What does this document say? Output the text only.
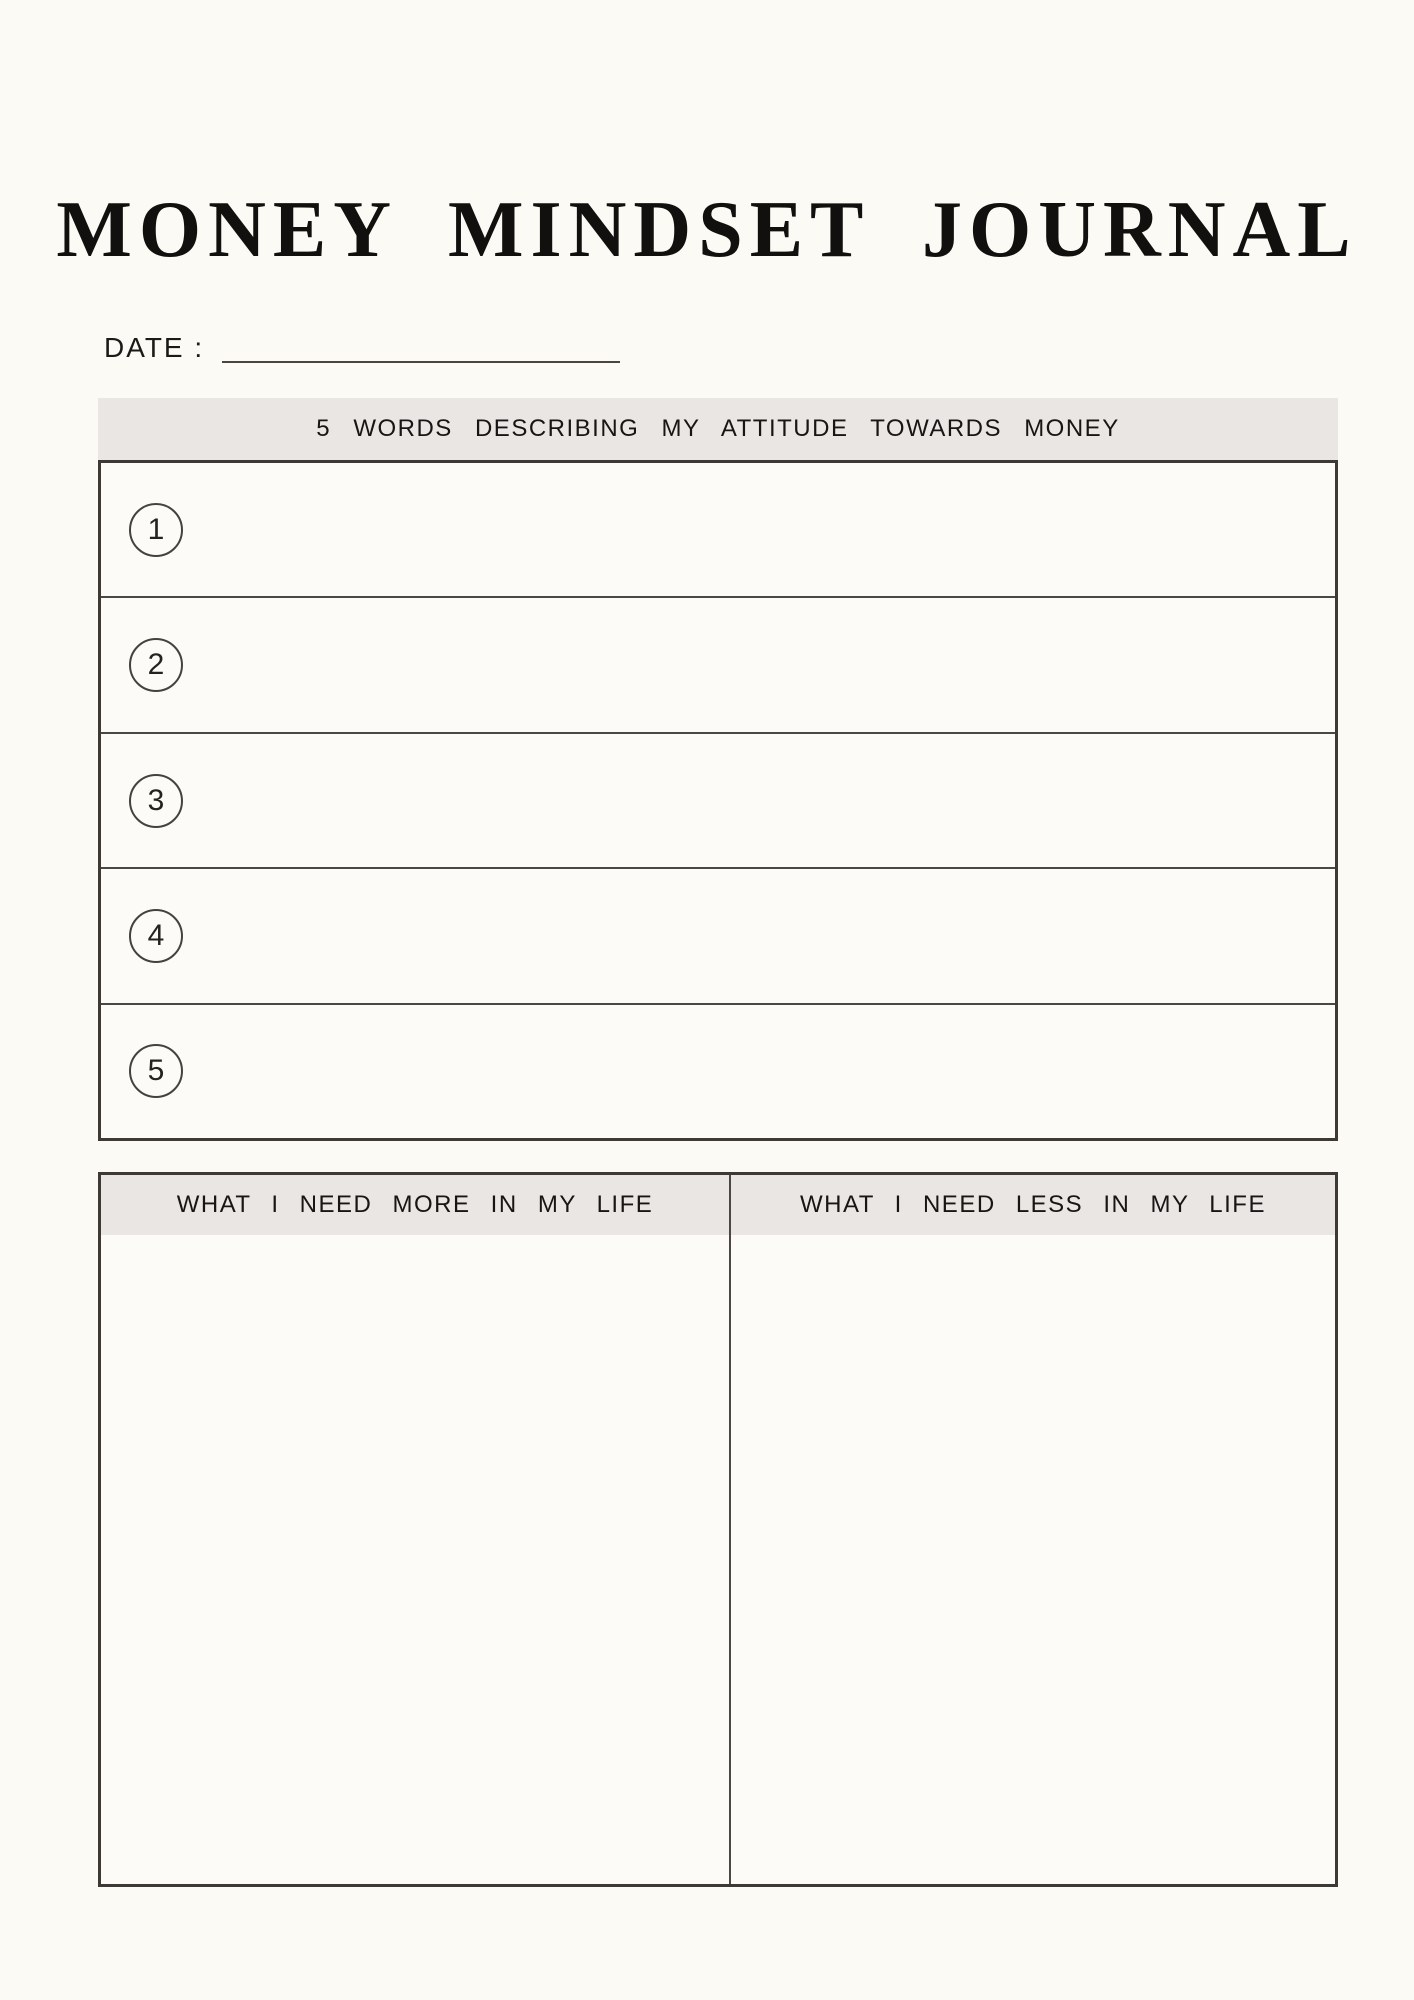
MONEY MINDSET JOURNAL
DATE :
5 WORDS DESCRIBING MY ATTITUDE TOWARDS MONEY
1
2
3
4
5
WHAT I NEED MORE IN MY LIFE	WHAT I NEED LESS IN MY LIFE
